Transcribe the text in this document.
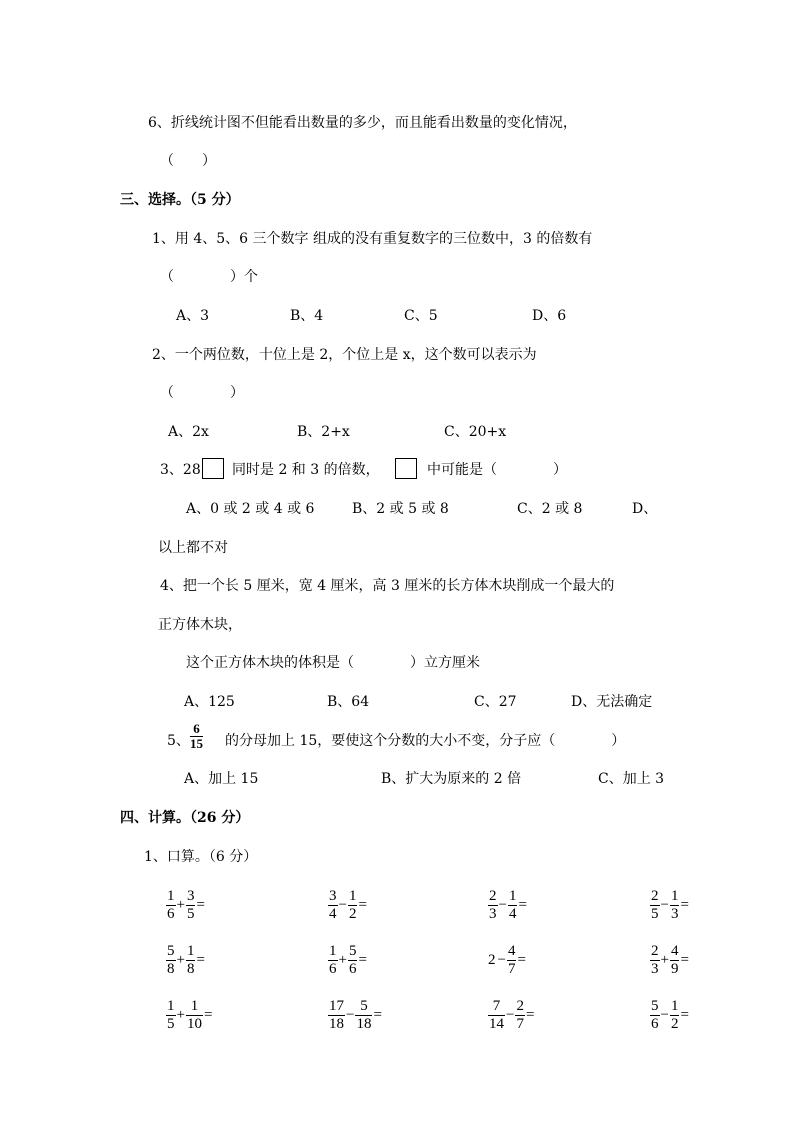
6、折线统计图不但能看出数量的多少，而且能看出数量的变化情况，
（　　）
三、选择。（5 分）
1、用 4、5、6 三个数字 组成的没有重复数字的三位数中，3 的倍数有
（　　　　）个
A、3	B、4	C、5	D、6
2、一个两位数，十位上是 2，个位上是 x，这个数可以表示为
（　　　　）
A、2x	B、2+x	C、20+x
3、28 同时是 2 和 3 的倍数，	中可能是（　　　　）
A、0 或 2 或 4 或 6	B、2 或 5 或 8	C、2 或 8	D、
以上都不对
4、把一个长 5 厘米，宽 4 厘米，高 3 厘米的长方体木块削成一个最大的
正方体木块，
这个正方体木块的体积是（　　　　）立方厘米
A、125	B、64	C、27	D、无法确定
5、 $\frac{6}{15}$ 的分母加上 15，要使这个分数的大小不变，分子应（　　　　）
A、加上 15	B、扩大为原来的 2 倍	C、加上 3
四、计算。（26 分）
1、口算。（6 分）
$\frac{1}{6} + \frac{3}{5}$ =	$\frac{3}{4} - \frac{1}{2}$ =	$\frac{2}{3} - \frac{1}{4}$ =	$\frac{2}{5} - \frac{1}{3}$ =
$\frac{5}{8} + \frac{1}{8}$ =	$\frac{1}{6} + \frac{5}{6}$ =	$2 - \frac{4}{7}$ =	$\frac{2}{3} + \frac{4}{9}$ =
$\frac{1}{5} + \frac{1}{10}$ =	$\frac{17}{18} - \frac{5}{18}$ =	$\frac{7}{14} - \frac{2}{7}$ =	$\frac{5}{6} - \frac{1}{2}$ =
